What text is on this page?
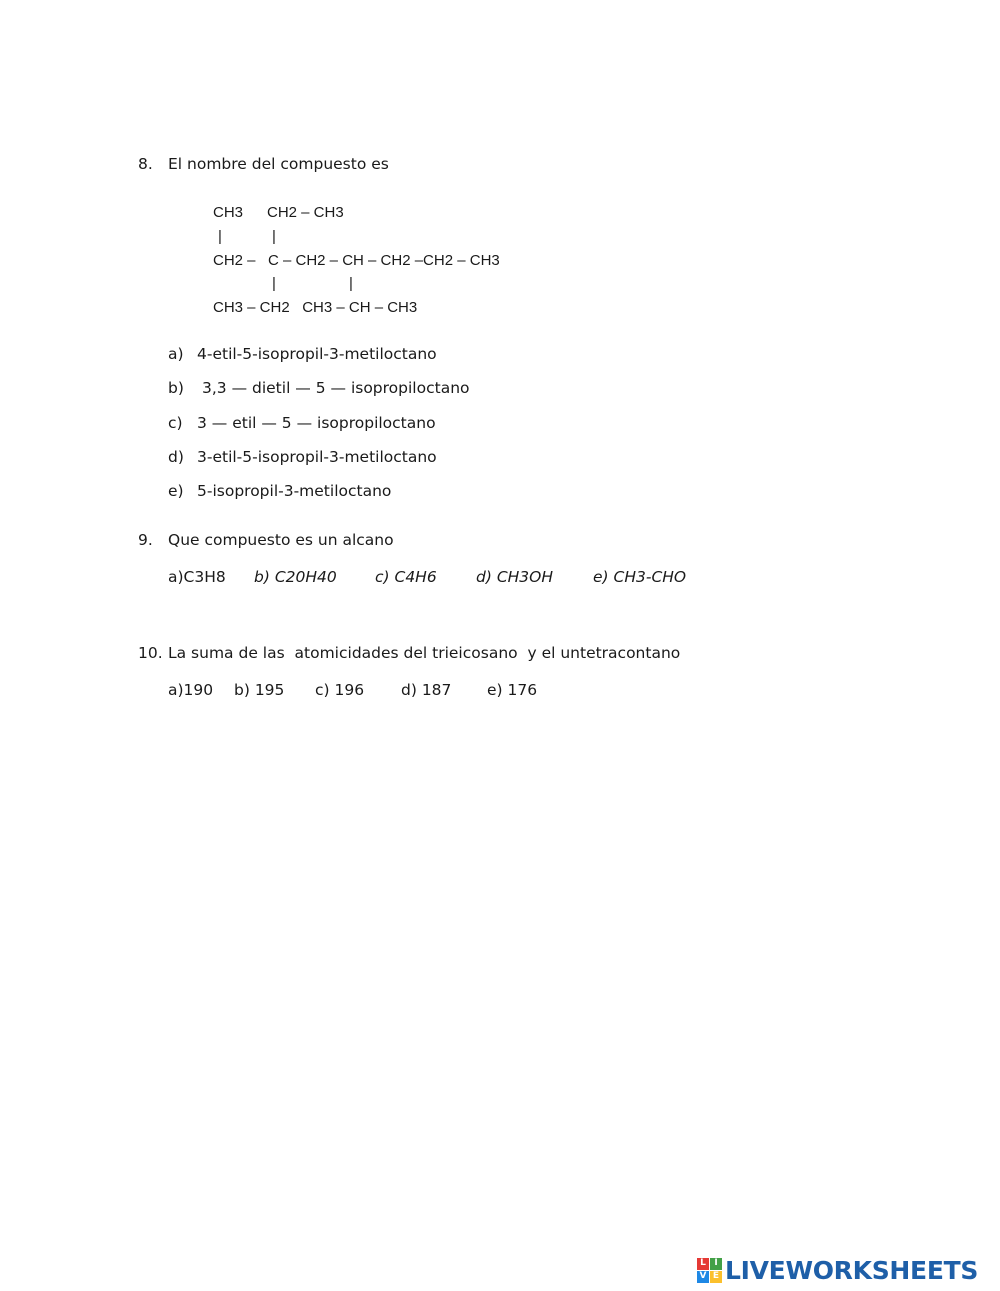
8. El nombre del compuesto es
CH3 CH2 – CH3
|	|
CH2 – C – CH2 – CH – CH2 –CH2 – CH3
|	|
CH3 – CH2   CH3 – CH – CH3
a) 4-etil-5-isopropil-3-metiloctano
b) 3,3 — dietil — 5 — isopropiloctano
c) 3 — etil — 5 — isopropiloctano
d) 3-etil-5-isopropil-3-metiloctano
e) 5-isopropil-3-metiloctano
9. Que compuesto es un alcano
a)C3H8 b) C20H40 c) C4H6	d) CH3OH	e) CH3-CHO
10. La suma de las  atomicidades del trieicosano  y el untetracontano
a)190 b) 195 c) 196 d) 187 e) 176
L I
V E LIVEWORKSHEETS
